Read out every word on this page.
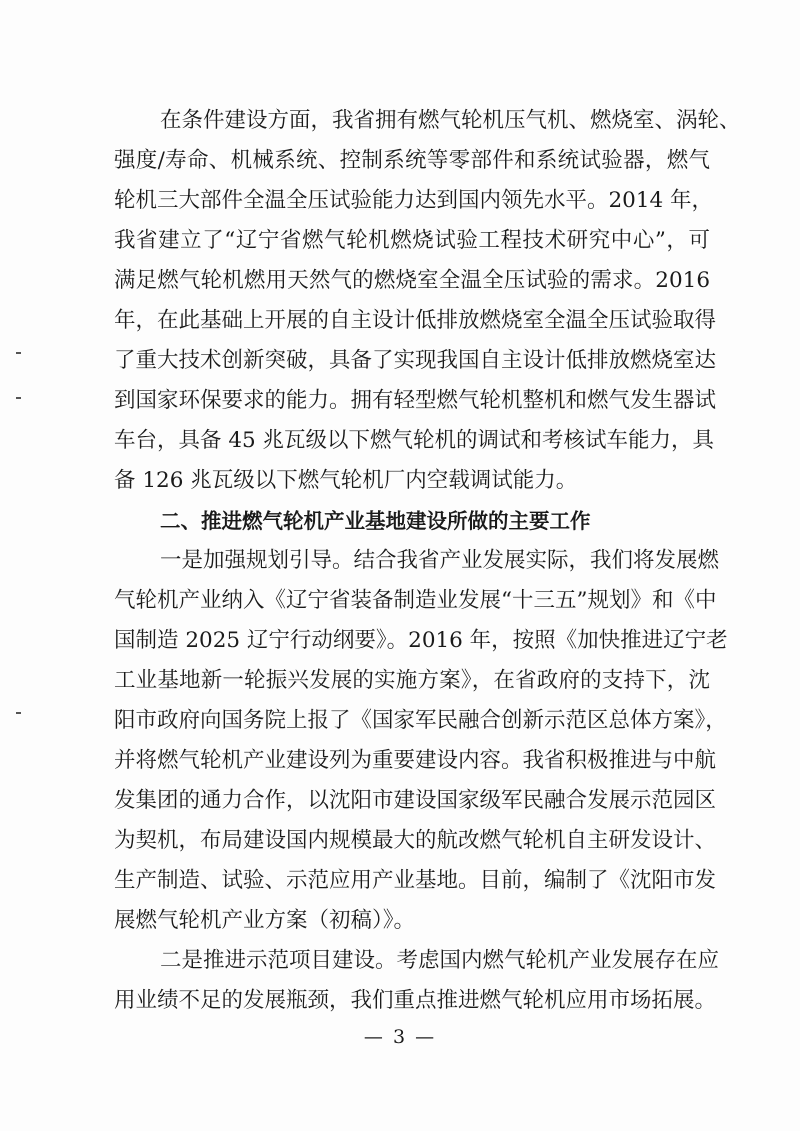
在条件建设方面，我省拥有燃气轮机压气机、燃烧室、涡轮、
强度/寿命、机械系统、控制系统等零部件和系统试验器，燃气
轮机三大部件全温全压试验能力达到国内领先水平。2014 年，
我省建立了“辽宁省燃气轮机燃烧试验工程技术研究中心”，可
满足燃气轮机燃用天然气的燃烧室全温全压试验的需求。2016
年，在此基础上开展的自主设计低排放燃烧室全温全压试验取得
了重大技术创新突破，具备了实现我国自主设计低排放燃烧室达
到国家环保要求的能力。拥有轻型燃气轮机整机和燃气发生器试
车台，具备 45 兆瓦级以下燃气轮机的调试和考核试车能力，具
备 126 兆瓦级以下燃气轮机厂内空载调试能力。
二、推进燃气轮机产业基地建设所做的主要工作
一是加强规划引导。结合我省产业发展实际，我们将发展燃
气轮机产业纳入《辽宁省装备制造业发展“十三五”规划》和《中
国制造 2025 辽宁行动纲要》。2016 年，按照《加快推进辽宁老
工业基地新一轮振兴发展的实施方案》，在省政府的支持下，沈
阳市政府向国务院上报了《国家军民融合创新示范区总体方案》，
并将燃气轮机产业建设列为重要建设内容。我省积极推进与中航
发集团的通力合作，以沈阳市建设国家级军民融合发展示范园区
为契机，布局建设国内规模最大的航改燃气轮机自主研发设计、
生产制造、试验、示范应用产业基地。目前，编制了《沈阳市发
展燃气轮机产业方案（初稿）》。
二是推进示范项目建设。考虑国内燃气轮机产业发展存在应
用业绩不足的发展瓶颈，我们重点推进燃气轮机应用市场拓展。
— 3 —
